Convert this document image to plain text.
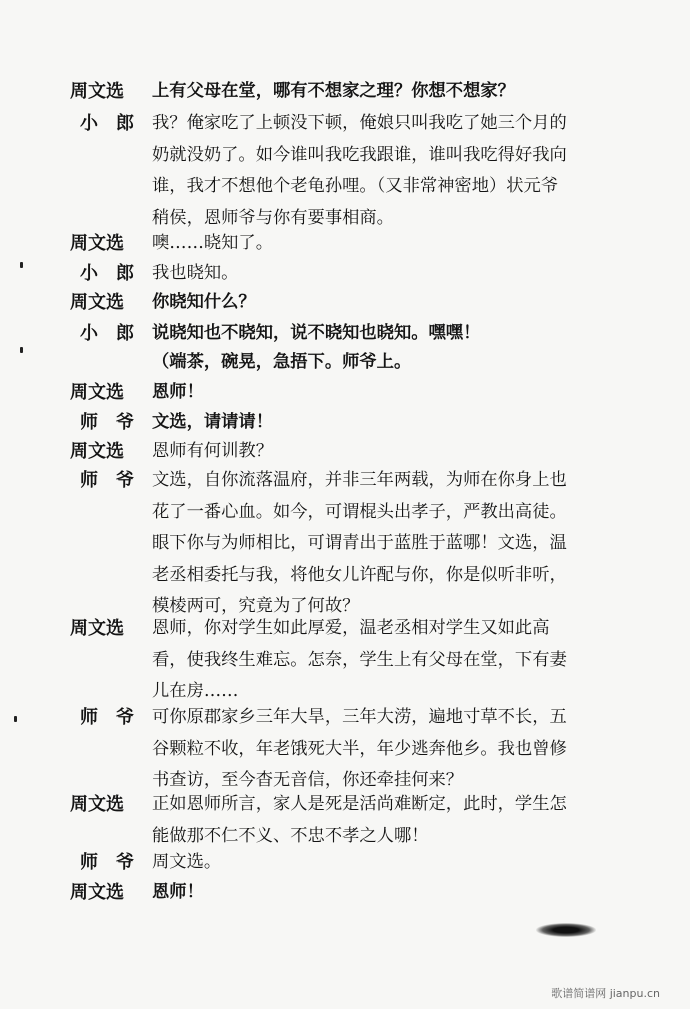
周文选	上有父母在堂，哪有不想家之理？你想不想家？
小郎 我？俺家吃了上顿没下顿，俺娘只叫我吃了她三个月的
奶就没奶了。如今谁叫我吃我跟谁，谁叫我吃得好我向
谁，我才不想他个老龟孙哩。（又非常神密地）状元爷
稍侯，恩师爷与你有要事相商。
周文选	噢……晓知了。
小郎 我也晓知。
周文选	你晓知什么？
小郎 说晓知也不晓知，说不晓知也晓知。嘿嘿！
（端茶，碗晃，急捂下。师爷上。
周文选	恩师！
师爷 文选，请请请！
周文选	恩师有何训教？
师爷 文选，自你流落温府，并非三年两载，为师在你身上也
花了一番心血。如今，可谓棍头出孝子，严教出高徒。
眼下你与为师相比，可谓青出于蓝胜于蓝哪！文选，温
老丞相委托与我，将他女儿许配与你，你是似听非听，
模棱两可，究竟为了何故？
周文选	恩师，你对学生如此厚爱，温老丞相对学生又如此高
看，使我终生难忘。怎奈，学生上有父母在堂，下有妻
儿在房……
师爷 可你原郡家乡三年大旱，三年大涝，遍地寸草不长，五
谷颗粒不收，年老饿死大半，年少逃奔他乡。我也曾修
书查访，至今杳无音信，你还牵挂何来？
周文选	正如恩师所言，家人是死是活尚难断定，此时，学生怎
能做那不仁不义、不忠不孝之人哪！
师爷 周文选。
周文选	恩师！
歌谱简谱网 jianpu.cn
